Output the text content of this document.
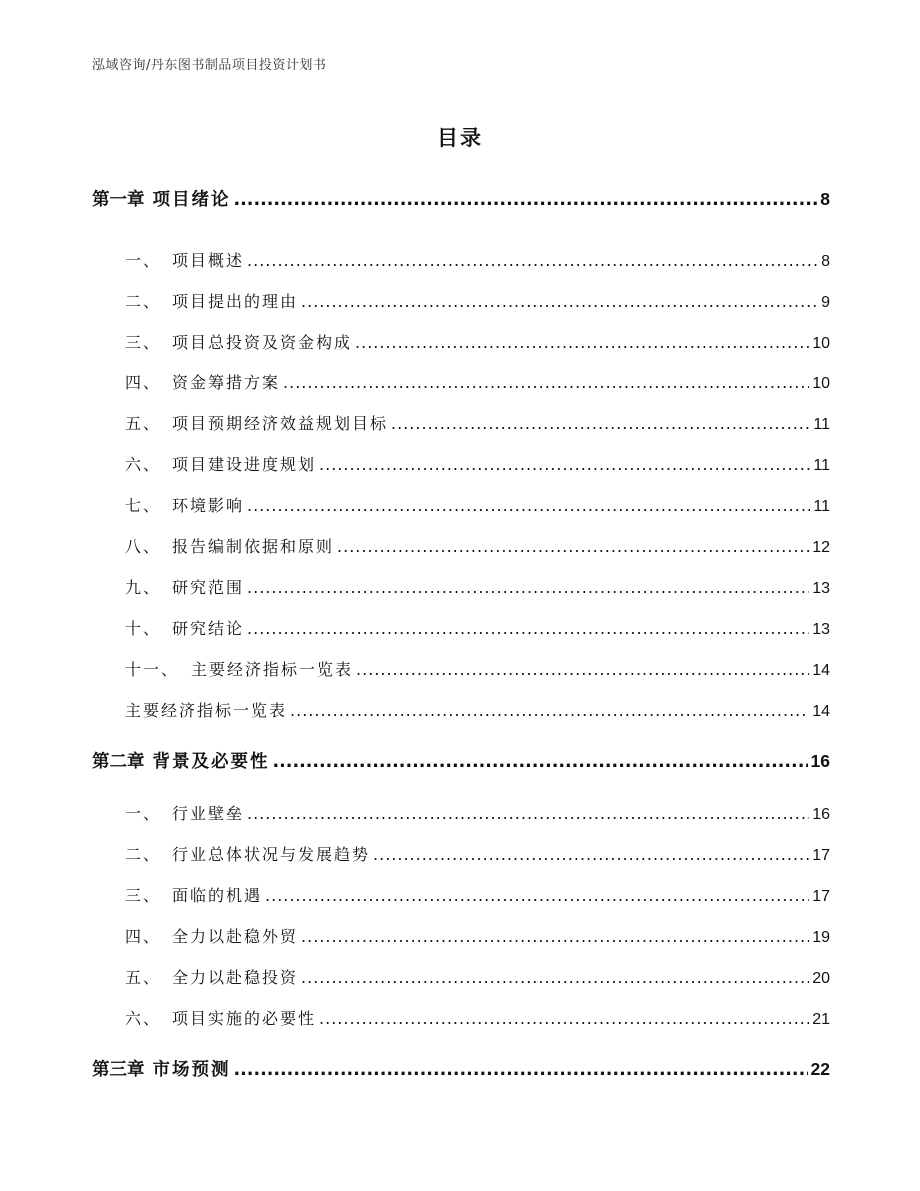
泓域咨询/丹东图书制品项目投资计划书
目录
第一章 项目绪论 .....	8
一、 项目概述 .....	8
二、 项目提出的理由 .....	9
三、 项目总投资及资金构成 .....	10
四、 资金筹措方案 .....	10
五、 项目预期经济效益规划目标 .....	11
六、 项目建设进度规划 .....	11
七、 环境影响 .....	11
八、 报告编制依据和原则 .....	12
九、 研究范围 .....	13
十、 研究结论 .....	13
十一、 主要经济指标一览表 .....	14
主要经济指标一览表 .....	14
第二章 背景及必要性 .....	16
一、 行业壁垒 .....	16
二、 行业总体状况与发展趋势 .....	17
三、 面临的机遇 .....	17
四、 全力以赴稳外贸 .....	19
五、 全力以赴稳投资 .....	20
六、 项目实施的必要性 .....	21
第三章 市场预测 .....	22
